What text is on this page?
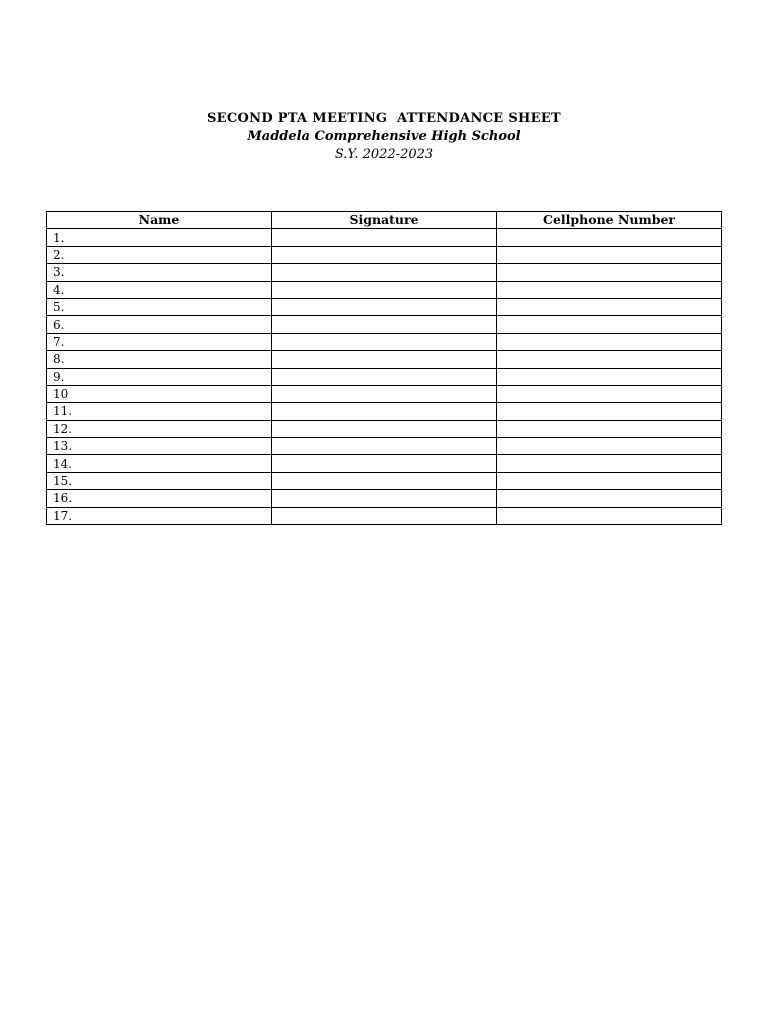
SECOND PTA MEETING  ATTENDANCE SHEET
Maddela Comprehensive High School
S.Y. 2022-2023
Name	Signature	Cellphone Number
1.		
2.		
3.		
4.		
5.		
6.		
7.		
8.		
9.		
10		
11.		
12.		
13.		
14.		
15.		
16.		
17.		
